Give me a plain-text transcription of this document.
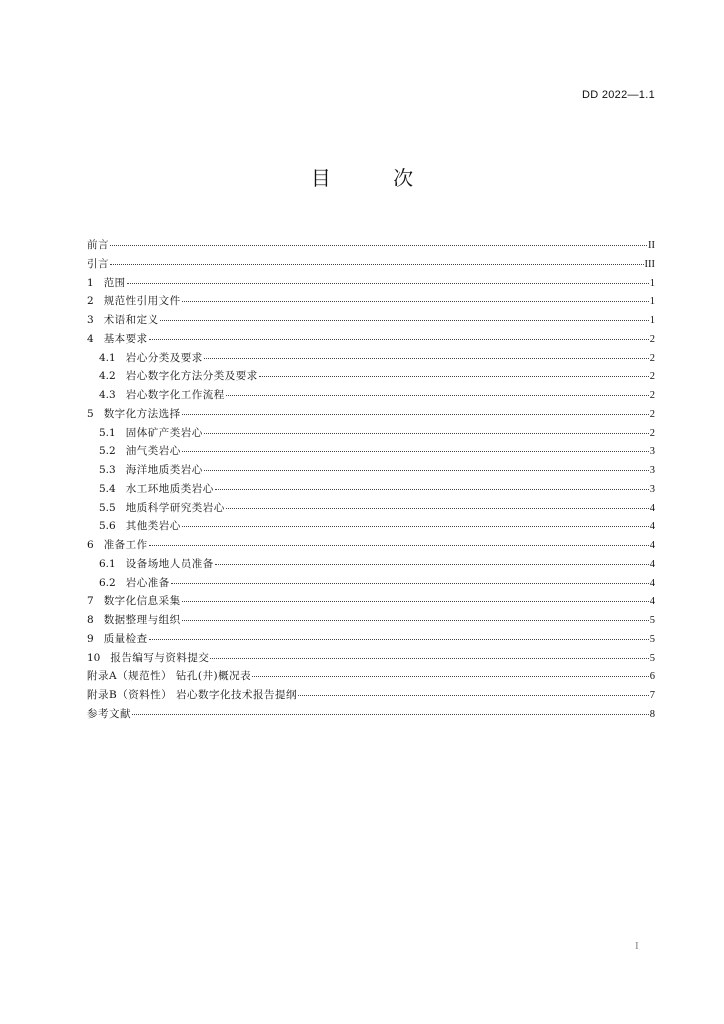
DD 2022—1.1
目 次
前言	II
引言	III
1 范围	1
2 规范性引用文件	1
3 术语和定义	1
4 基本要求	2
4.1 岩心分类及要求	2
4.2 岩心数字化方法分类及要求	2
4.3 岩心数字化工作流程	2
5 数字化方法选择	2
5.1 固体矿产类岩心	2
5.2 油气类岩心	3
5.3 海洋地质类岩心	3
5.4 水工环地质类岩心	3
5.5 地质科学研究类岩心	4
5.6 其他类岩心	4
6 准备工作	4
6.1 设备场地人员准备	4
6.2 岩心准备	4
7 数字化信息采集	4
8 数据整理与组织	5
9 质量检查	5
10 报告编写与资料提交	5
附录A（规范性） 钻孔(井)概况表	6
附录B（资料性） 岩心数字化技术报告提纲	7
参考文献	8
I
